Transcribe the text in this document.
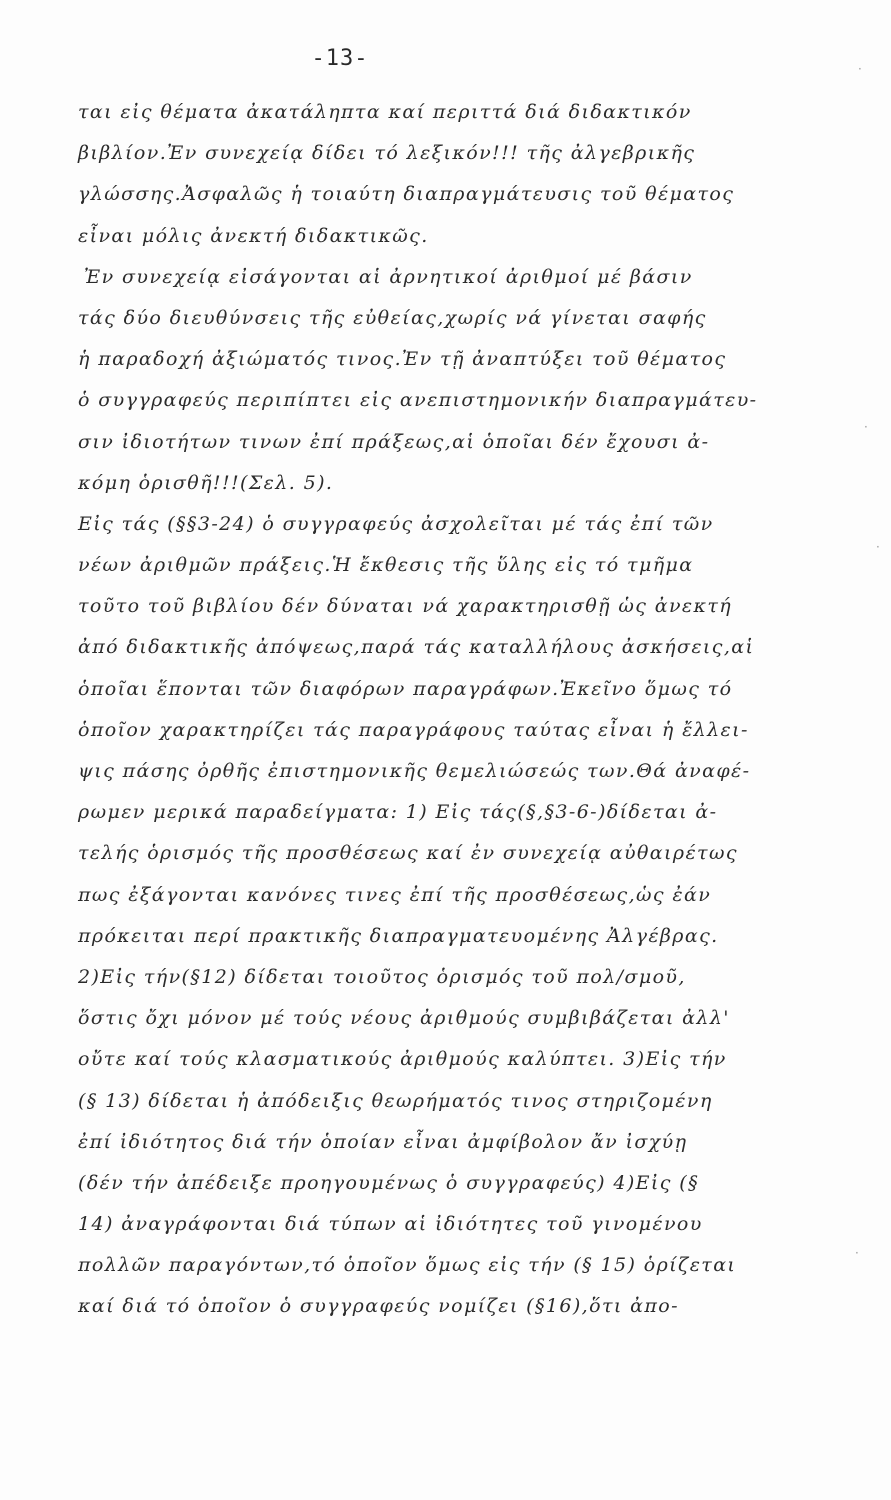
-13-
ται εἰς θέματα ἀκατάληπτα καί περιττά διά διδακτικόν
βιβλίον.Ἐν συνεχείᾳ δίδει τό λεξικόν!!! τῆς ἀλγεβρικῆς
γλώσσης.Ἀσφαλῶς ἡ τοιαύτη διαπραγμάτευσις τοῦ θέματος
εἶναι μόλις ἀνεκτή διδακτικῶς.
Ἐν συνεχείᾳ εἰσάγονται αἱ ἀρνητικοί ἀριθμοί μέ βάσιν
τάς δύο διευθύνσεις τῆς εὐθείας,χωρίς νά γίνεται σαφής
ἡ παραδοχή ἀξιώματός τινος.Ἐν τῇ ἀναπτύξει τοῦ θέματος
ὁ συγγραφεύς περιπίπτει εἰς ανεπιστημονικήν διαπραγμάτευ-
σιν ἰδιοτήτων τινων ἐπί πράξεως,αἱ ὁποῖαι δέν ἔχουσι ἀ-
κόμη ὁρισθῆ!!!(Σελ. 5).
Εἰς τάς (§§3-24) ὁ συγγραφεύς ἀσχολεῖται μέ τάς ἐπί τῶν
νέων ἀριθμῶν πράξεις.Ἡ ἔκθεσις τῆς ὕλης εἰς τό τμῆμα
τοῦτο τοῦ βιβλίου δέν δύναται νά χαρακτηρισθῇ ὡς ἀνεκτή
ἀπό διδακτικῆς ἀπόψεως,παρά τάς καταλλήλους ἀσκήσεις,αἱ
ὁποῖαι ἕπονται τῶν διαφόρων παραγράφων.Ἐκεῖνο ὅμως τό
ὁποῖον χαρακτηρίζει τάς παραγράφους ταύτας εἶναι ἡ ἔλλει-
ψις πάσης ὀρθῆς ἐπιστημονικῆς θεμελιώσεώς των.Θά ἀναφέ-
ρωμεν μερικά παραδείγματα: 1) Εἰς τάς(§,§3-6-)δίδεται ἀ-
τελής ὁρισμός τῆς προσθέσεως καί ἐν συνεχείᾳ αὐθαιρέτως
πως ἐξάγονται κανόνες τινες ἐπί τῆς προσθέσεως,ὡς ἐάν
πρόκειται περί πρακτικῆς διαπραγματευομένης Ἀλγέβρας.
2)Εἰς τήν(§12) δίδεται τοιοῦτος ὁρισμός τοῦ πολ/σμοῦ,
ὅστις ὄχι μόνον μέ τούς νέους ἀριθμούς συμβιβάζεται ἀλλ'
οὔτε καί τούς κλασματικούς ἀριθμούς καλύπτει. 3)Εἰς τήν
(§ 13) δίδεται ἡ ἀπόδειξις θεωρήματός τινος στηριζομένη
ἐπί ἰδιότητος διά τήν ὁποίαν εἶναι ἀμφίβολον ἄν ἰσχύῃ
(δέν τήν ἀπέδειξε προηγουμένως ὁ συγγραφεύς) 4)Εἰς (§
14) ἀναγράφονται διά τύπων αἱ ἰδιότητες τοῦ γινομένου
πολλῶν παραγόντων,τό ὁποῖον ὅμως εἰς τήν (§ 15) ὁρίζεται
καί διά τό ὁποῖον ὁ συγγραφεύς νομίζει (§16),ὅτι ἀπο-
·
·
·
·
